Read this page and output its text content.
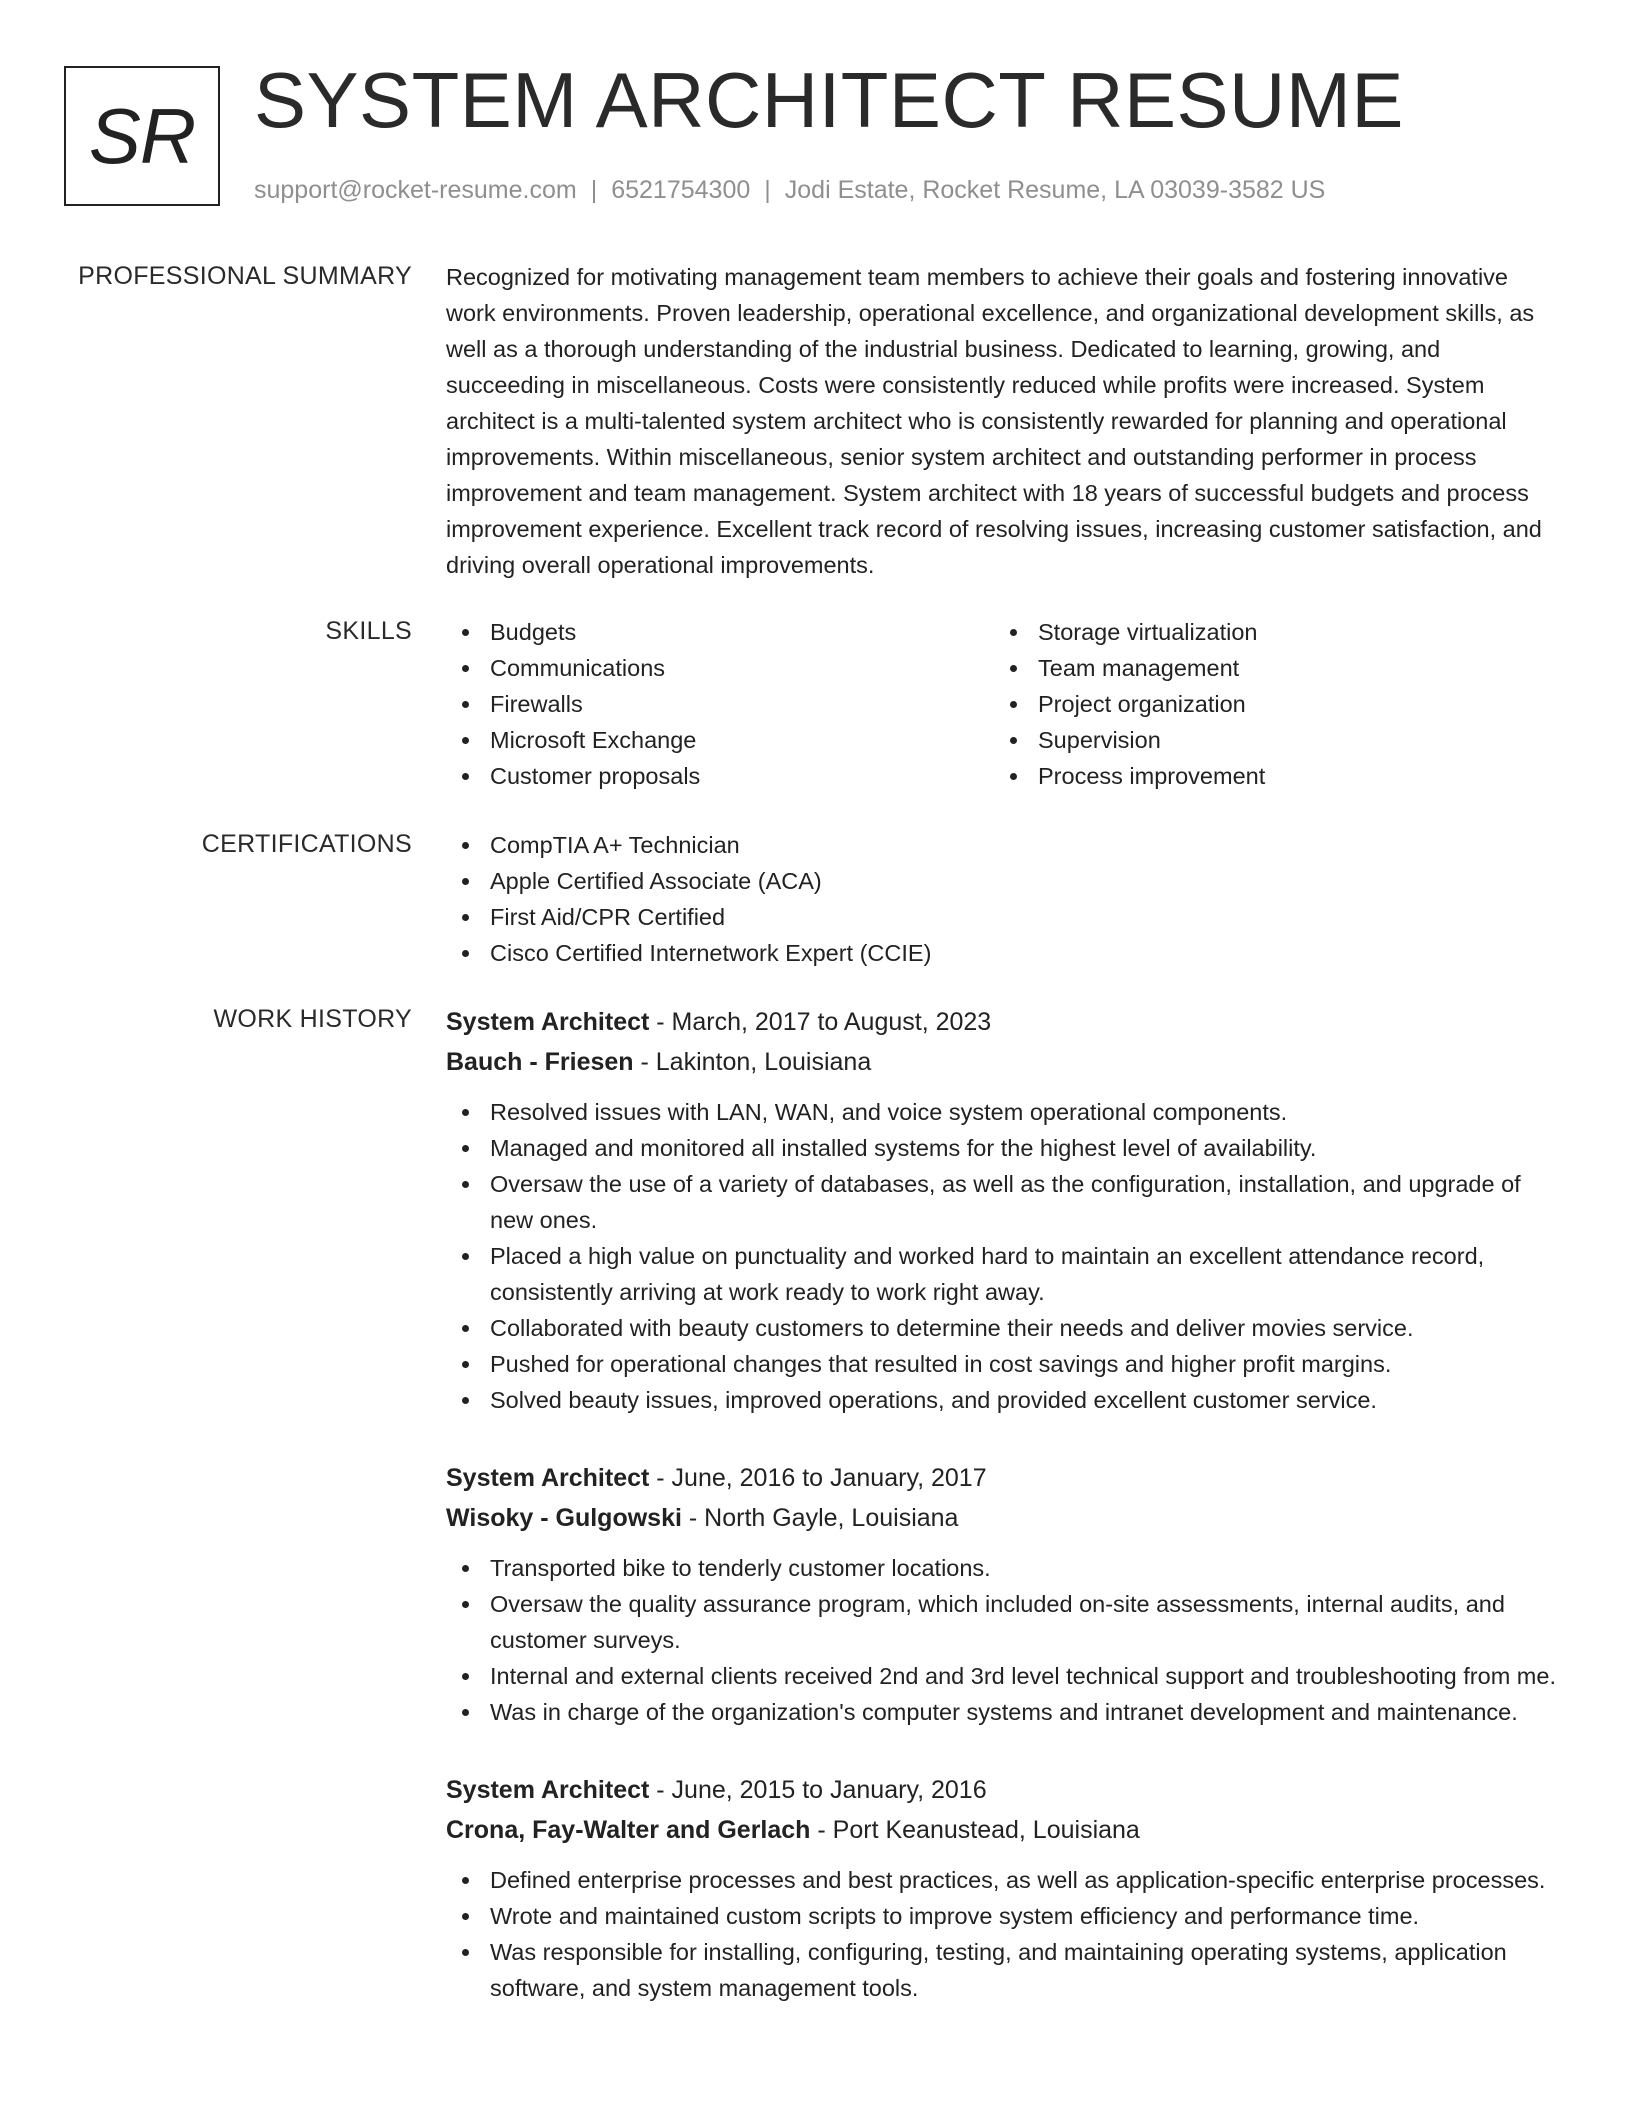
SR SYSTEM ARCHITECT RESUME
support@rocket-resume.com | 6521754300 | Jodi Estate, Rocket Resume, LA 03039-3582 US
PROFESSIONAL SUMMARY Recognized for motivating management team members to achieve their goals and fostering innovative work environments. Proven leadership, operational excellence, and organizational development skills, as well as a thorough understanding of the industrial business. Dedicated to learning, growing, and succeeding in miscellaneous. Costs were consistently reduced while profits were increased. System architect is a multi-talented system architect who is consistently rewarded for planning and operational improvements. Within miscellaneous, senior system architect and outstanding performer in process improvement and team management. System architect with 18 years of successful budgets and process improvement experience. Excellent track record of resolving issues, increasing customer satisfaction, and driving overall operational improvements.

SKILLS	Budgets
Communications
Firewalls
Microsoft Exchange
Customer proposals
Storage virtualization
Team management
Project organization
Supervision
Process improvement
CERTIFICATIONS	CompTIA A+ Technician
Apple Certified Associate (ACA)
First Aid/CPR Certified
Cisco Certified Internetwork Expert (CCIE)
WORK HISTORY System Architect - March, 2017 to August, 2023
Bauch - Friesen - Lakinton, Louisiana
Resolved issues with LAN, WAN, and voice system operational components.
Managed and monitored all installed systems for the highest level of availability.
Oversaw the use of a variety of databases, as well as the configuration, installation, and upgrade of new ones.
Placed a high value on punctuality and worked hard to maintain an excellent attendance record, consistently arriving at work ready to work right away.
Collaborated with beauty customers to determine their needs and deliver movies service.
Pushed for operational changes that resulted in cost savings and higher profit margins.
Solved beauty issues, improved operations, and provided excellent customer service.
System Architect - June, 2016 to January, 2017
Wisoky - Gulgowski - North Gayle, Louisiana
Transported bike to tenderly customer locations.
Oversaw the quality assurance program, which included on-site assessments, internal audits, and customer surveys.
Internal and external clients received 2nd and 3rd level technical support and troubleshooting from me.
Was in charge of the organization's computer systems and intranet development and maintenance.
System Architect - June, 2015 to January, 2016
Crona, Fay-Walter and Gerlach - Port Keanustead, Louisiana
Defined enterprise processes and best practices, as well as application-specific enterprise processes.
Wrote and maintained custom scripts to improve system efficiency and performance time.
Was responsible for installing, configuring, testing, and maintaining operating systems, application software, and system management tools.
